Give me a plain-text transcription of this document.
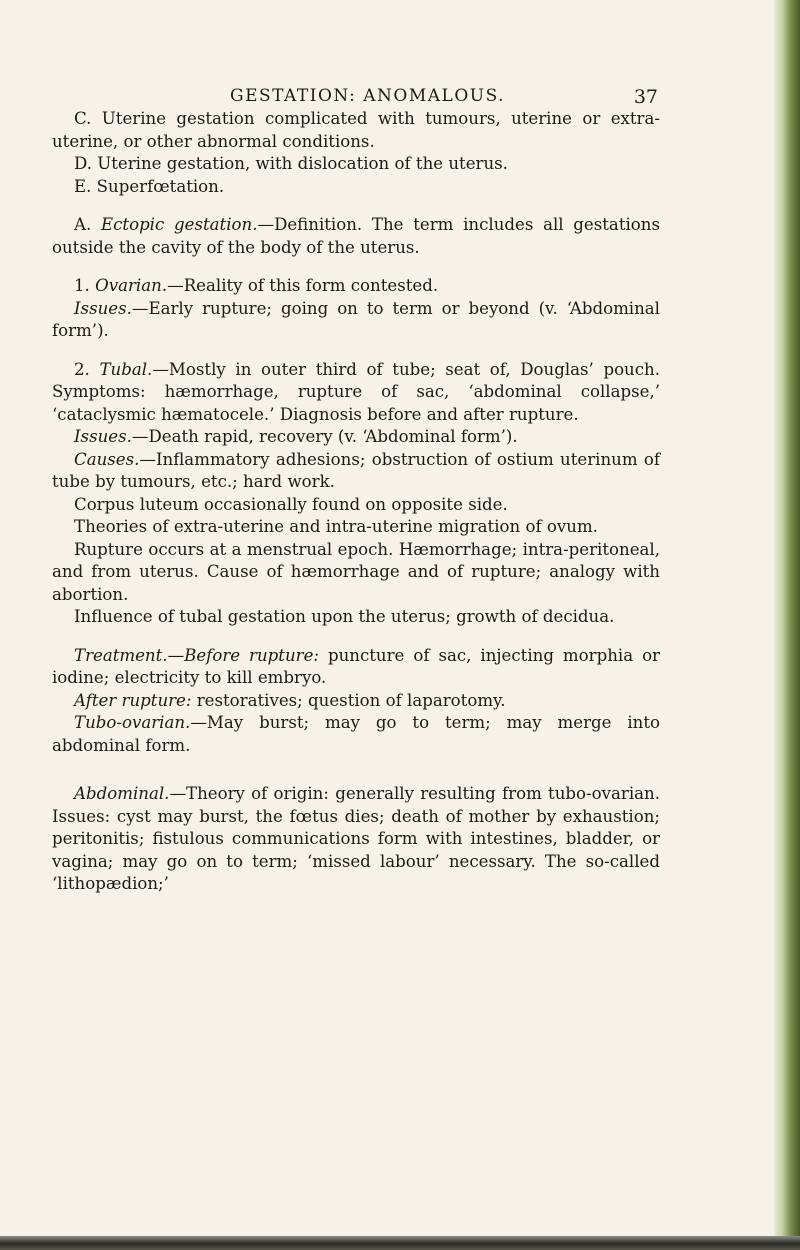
GESTATION: ANOMALOUS.	37

C. Uterine gestation complicated with tumours, uterine or extra-uterine, or other abnormal conditions.

D. Uterine gestation, with dislocation of the uterus.

E. Superfœtation.

A. Ectopic gestation.—Definition. The term includes all gestations outside the cavity of the body of the uterus.

1. Ovarian.—Reality of this form contested.

Issues.—Early rupture; going on to term or beyond (v. ‘Abdominal form’).

2. Tubal.—Mostly in outer third of tube; seat of, Douglas’ pouch. Symptoms: hæmorrhage, rupture of sac, ‘abdominal collapse,’ ‘cataclysmic hæmatocele.’ Diagnosis before and after rupture.

Issues.—Death rapid, recovery (v. ‘Abdominal form’).

Causes.—Inflammatory adhesions; obstruction of ostium uterinum of tube by tumours, etc.; hard work.

Corpus luteum occasionally found on opposite side.

Theories of extra-uterine and intra-uterine migration of ovum.

Rupture occurs at a menstrual epoch. Hæmorrhage; intra-peritoneal, and from uterus. Cause of hæmorrhage and of rupture; analogy with abortion.

Influence of tubal gestation upon the uterus; growth of decidua.

Treatment.—Before rupture: puncture of sac, injecting morphia or iodine; electricity to kill embryo.

After rupture: restoratives; question of laparotomy.

Tubo-ovarian.—May burst; may go to term; may merge into abdominal form.

Abdominal.—Theory of origin: generally resulting from tubo-ovarian. Issues: cyst may burst, the fœtus dies; death of mother by exhaustion; peritonitis; fistulous communications form with intestines, bladder, or vagina; may go on to term; ‘missed labour’ necessary. The so-called ‘lithopædion;’
